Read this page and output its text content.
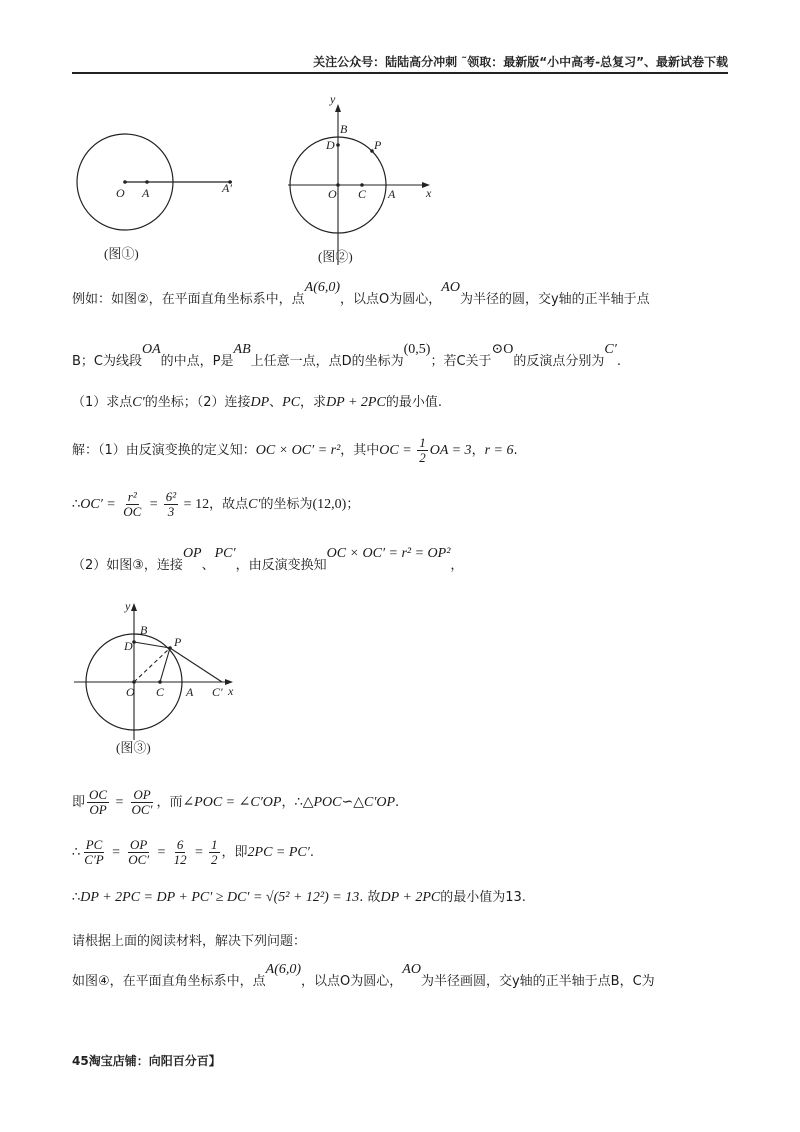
关注公众号：陆陆高分冲刺 ˜领取：最新版“小中高考-总复习”、最新试卷下载
O A	A′
(图①)
y
x
B
D	P
O C A
(图②)
例如：如图②，在平面直角坐标系中，点A(6,0)，以点O为圆心，AO为半径的圆，交y轴的正半轴于点
B；C为线段OA的中点，P是AB上任意一点，点D的坐标为(0,5)；若C关于⊙O的反演点分别为C′.
（1）求点C′的坐标；（2）连接DP、PC，求DP + 2PC的最小值.
解：（1）由反演变换的定义知：OC × OC′ = r²，其中OC = $\frac{1}{2}$ OA = 3，r = 6.
∴OC′ = $\frac{\text{r²}}{OC} = \frac{\text{6²}}{3} = 12$，故点C′的坐标为(12,0)；
（2）如图③，连接OP、PC′，由反演变换知OC × OC′ = r² = OP²，
y
x
B
D	P
O C A C′
(图③)
即 $\frac{OC}{OP} = \frac{OP}{OC'}$ ，而∠POC = ∠C′OP，∴△POC∽△C′OP.
∴ $\frac{PC}{C'P} = \frac{OP}{OC'} = \frac{6}{12} = \frac{1}{2}$ ，即2PC = PC′.
∴DP + 2PC = DP + PC′ ≥ DC′ = √(5² + 12²) = 13. 故DP + 2PC的最小值为13.
请根据上面的阅读材料，解决下列问题：
如图④，在平面直角坐标系中，点A(6,0)，以点O为圆心，AO为半径画圆，交y轴的正半轴于点B，C为
45淘宝店铺：向阳百分百】
